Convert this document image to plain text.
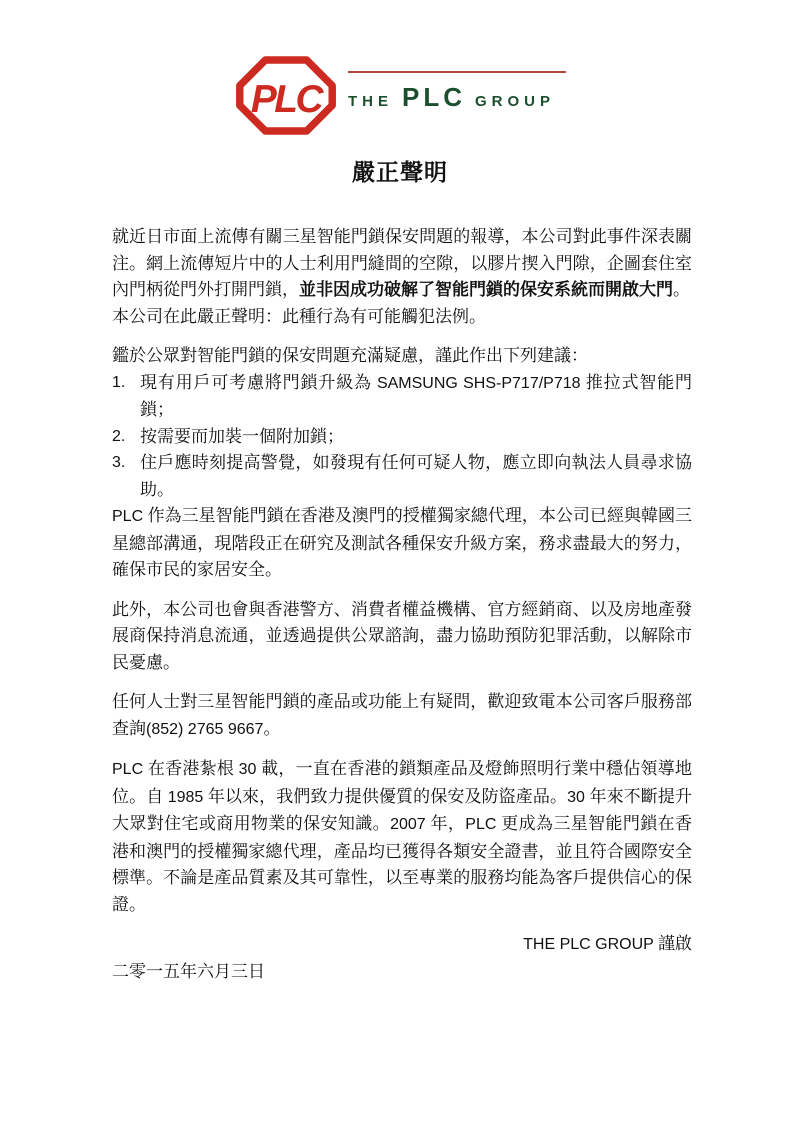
PLC THE PLC GROUP
嚴正聲明
就近日市面上流傳有關三星智能門鎖保安問題的報導，本公司對此事件深表關注。網上流傳短片中的人士利用門縫間的空隙，以膠片揳入門隙，企圖套住室內門柄從門外打開門鎖，並非因成功破解了智能門鎖的保安系統而開啟大門。
本公司在此嚴正聲明：此種行為有可能觸犯法例。
鑑於公眾對智能門鎖的保安問題充滿疑慮，謹此作出下列建議：
1. 現有用戶可考慮將門鎖升級為 SAMSUNG SHS-P717/P718 推拉式智能門鎖；
2. 按需要而加裝一個附加鎖；
3. 住戶應時刻提高警覺，如發現有任何可疑人物，應立即向執法人員尋求協助。
PLC 作為三星智能門鎖在香港及澳門的授權獨家總代理，本公司已經與韓國三星總部溝通，現階段正在研究及測試各種保安升級方案，務求盡最大的努力，確保市民的家居安全。
此外，本公司也會與香港警方、消費者權益機構、官方經銷商、以及房地產發展商保持消息流通，並透過提供公眾諮詢，盡力協助預防犯罪活動，以解除市民憂慮。
任何人士對三星智能門鎖的產品或功能上有疑問，歡迎致電本公司客戶服務部查詢(852) 2765 9667。
PLC 在香港紮根 30 載，一直在香港的鎖類產品及燈飾照明行業中穩佔領導地位。自 1985 年以來，我們致力提供優質的保安及防盜產品。30 年來不斷提升大眾對住宅或商用物業的保安知識。2007 年，PLC 更成為三星智能門鎖在香港和澳門的授權獨家總代理，產品均已獲得各類安全證書，並且符合國際安全標準。不論是產品質素及其可靠性，以至專業的服務均能為客戶提供信心的保證。
THE PLC GROUP 謹啟
二零一五年六月三日
